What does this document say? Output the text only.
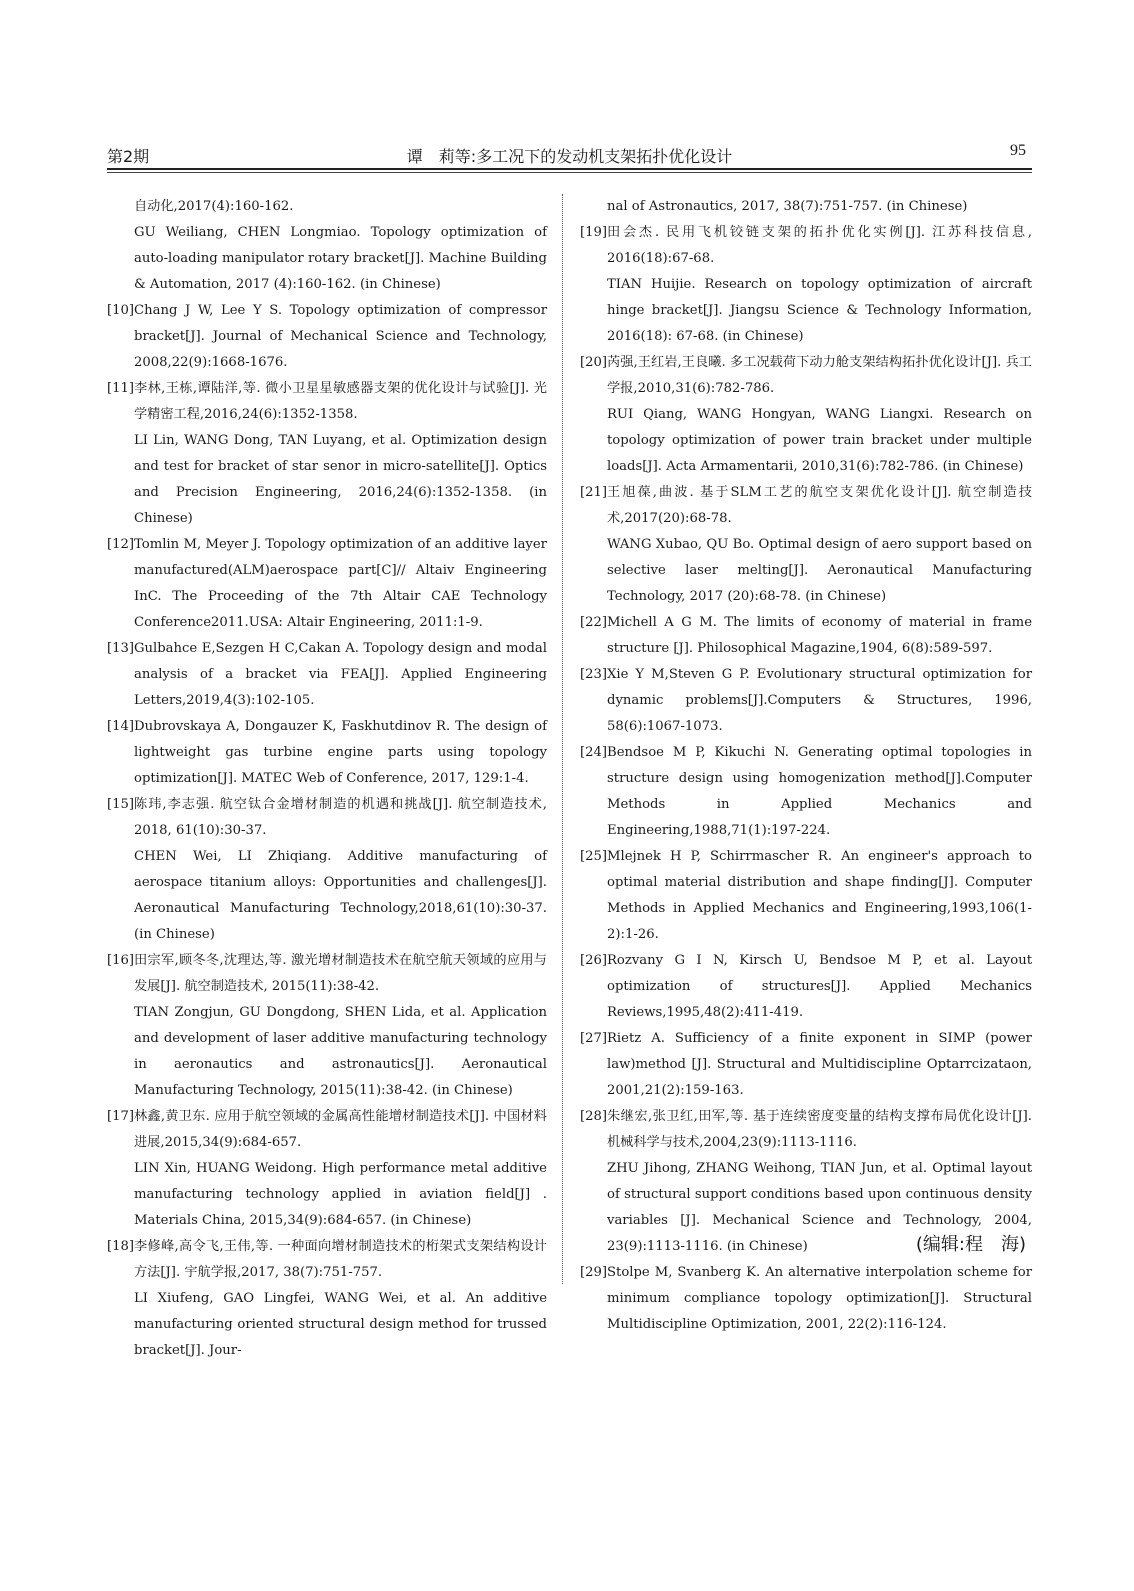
第2期	谭　莉等:多工况下的发动机支架拓扑优化设计	95

自动化,2017(4):160-162.

GU Weiliang, CHEN Longmiao. Topology optimization of auto-loading manipulator rotary bracket[J]. Machine Building & Automation, 2017 (4):160-162. (in Chinese)

[10] Chang J W, Lee Y S. Topology optimization of compressor bracket[J]. Journal of Mechanical Science and Technology, 2008,22(9):1668-1676.

[11] 李林,王栋,谭陆洋,等. 微小卫星星敏感器支架的优化设计与试验[J]. 光学精密工程,2016,24(6):1352-1358.

LI Lin, WANG Dong, TAN Luyang, et al. Optimization design and test for bracket of star senor in micro-satellite[J]. Optics and Precision Engineering, 2016,24(6):1352-1358. (in Chinese)

[12] Tomlin M, Meyer J. Topology optimization of an additive layer manufactured(ALM)aerospace part[C]// Altaiv Engineering InC. The Proceeding of the 7th Altair CAE Technology Conference2011.USA: Altair Engineering, 2011:1-9.

[13] Gulbahce E,Sezgen H C,Cakan A. Topology design and modal analysis of a bracket via FEA[J]. Applied Engineering Letters,2019,4(3):102-105.

[14] Dubrovskaya A, Dongauzer K, Faskhutdinov R. The design of lightweight gas turbine engine parts using topology optimization[J]. MATEC Web of Conference, 2017, 129:1-4.

[15] 陈玮,李志强. 航空钛合金增材制造的机遇和挑战[J]. 航空制造技术, 2018, 61(10):30-37.

CHEN Wei, LI Zhiqiang. Additive manufacturing of aerospace titanium alloys: Opportunities and challenges[J]. Aeronautical Manufacturing Technology,2018,61(10):30-37. (in Chinese)

[16] 田宗军,顾冬冬,沈理达,等. 激光增材制造技术在航空航天领域的应用与发展[J]. 航空制造技术, 2015(11):38-42.

TIAN Zongjun, GU Dongdong, SHEN Lida, et al. Application and development of laser additive manufacturing technology in aeronautics and astronautics[J]. Aeronautical Manufacturing Technology, 2015(11):38-42. (in Chinese)

[17] 林鑫,黄卫东. 应用于航空领域的金属高性能增材制造技术[J]. 中国材料进展,2015,34(9):684-657.

LIN Xin, HUANG Weidong. High performance metal additive manufacturing technology applied in aviation field[J] . Materials China, 2015,34(9):684-657. (in Chinese)

[18] 李修峰,高令飞,王伟,等. 一种面向增材制造技术的桁架式支架结构设计方法[J]. 宇航学报,2017, 38(7):751-757.

LI Xiufeng, GAO Lingfei, WANG Wei, et al. An additive manufacturing oriented structural design method for trussed bracket[J]. Jour-

nal of Astronautics, 2017, 38(7):751-757. (in Chinese)

[19] 田会杰. 民用飞机铰链支架的拓扑优化实例[J]. 江苏科技信息, 2016(18):67-68.

TIAN Huijie. Research on topology optimization of aircraft hinge bracket[J]. Jiangsu Science & Technology Information, 2016(18): 67-68. (in Chinese)

[20] 芮强,王红岩,王良曦. 多工况载荷下动力舱支架结构拓扑优化设计[J]. 兵工学报,2010,31(6):782-786.

RUI Qiang, WANG Hongyan, WANG Liangxi. Research on topology optimization of power train bracket under multiple loads[J]. Acta Armamentarii, 2010,31(6):782-786. (in Chinese)

[21] 王旭葆,曲波. 基于SLM工艺的航空支架优化设计[J]. 航空制造技术,2017(20):68-78.

WANG Xubao, QU Bo. Optimal design of aero support based on selective laser melting[J]. Aeronautical Manufacturing Technology, 2017 (20):68-78. (in Chinese)

[22] Michell A G M. The limits of economy of material in frame structure [J]. Philosophical Magazine,1904, 6(8):589-597.

[23] Xie Y M,Steven G P. Evolutionary structural optimization for dynamic problems[J].Computers & Structures, 1996, 58(6):1067-1073.

[24] Bendsoe M P, Kikuchi N. Generating optimal topologies in structure design using homogenization method[J].Computer Methods in Applied Mechanics and Engineering,1988,71(1):197-224.

[25] Mlejnek H P, Schirrmascher R. An engineer's approach to optimal material distribution and shape finding[J]. Computer Methods in Applied Mechanics and Engineering,1993,106(1-2):1-26.

[26] Rozvany G I N, Kirsch U, Bendsoe M P, et al. Layout optimization of structures[J]. Applied Mechanics Reviews,1995,48(2):411-419.

[27] Rietz A. Sufficiency of a finite exponent in SIMP (power law)method [J]. Structural and Multidiscipline Optarrcizataon, 2001,21(2):159-163.

[28] 朱继宏,张卫红,田军,等. 基于连续密度变量的结构支撑布局优化设计[J]. 机械科学与技术,2004,23(9):1113-1116.

ZHU Jihong, ZHANG Weihong, TIAN Jun, et al. Optimal layout of structural support conditions based upon continuous density variables [J]. Mechanical Science and Technology, 2004, 23(9):1113-1116. (in Chinese)

[29] Stolpe M, Svanberg K. An alternative interpolation scheme for minimum compliance topology optimization[J]. Structural Multidiscipline Optimization, 2001, 22(2):116-124.

(编辑:程　海)
